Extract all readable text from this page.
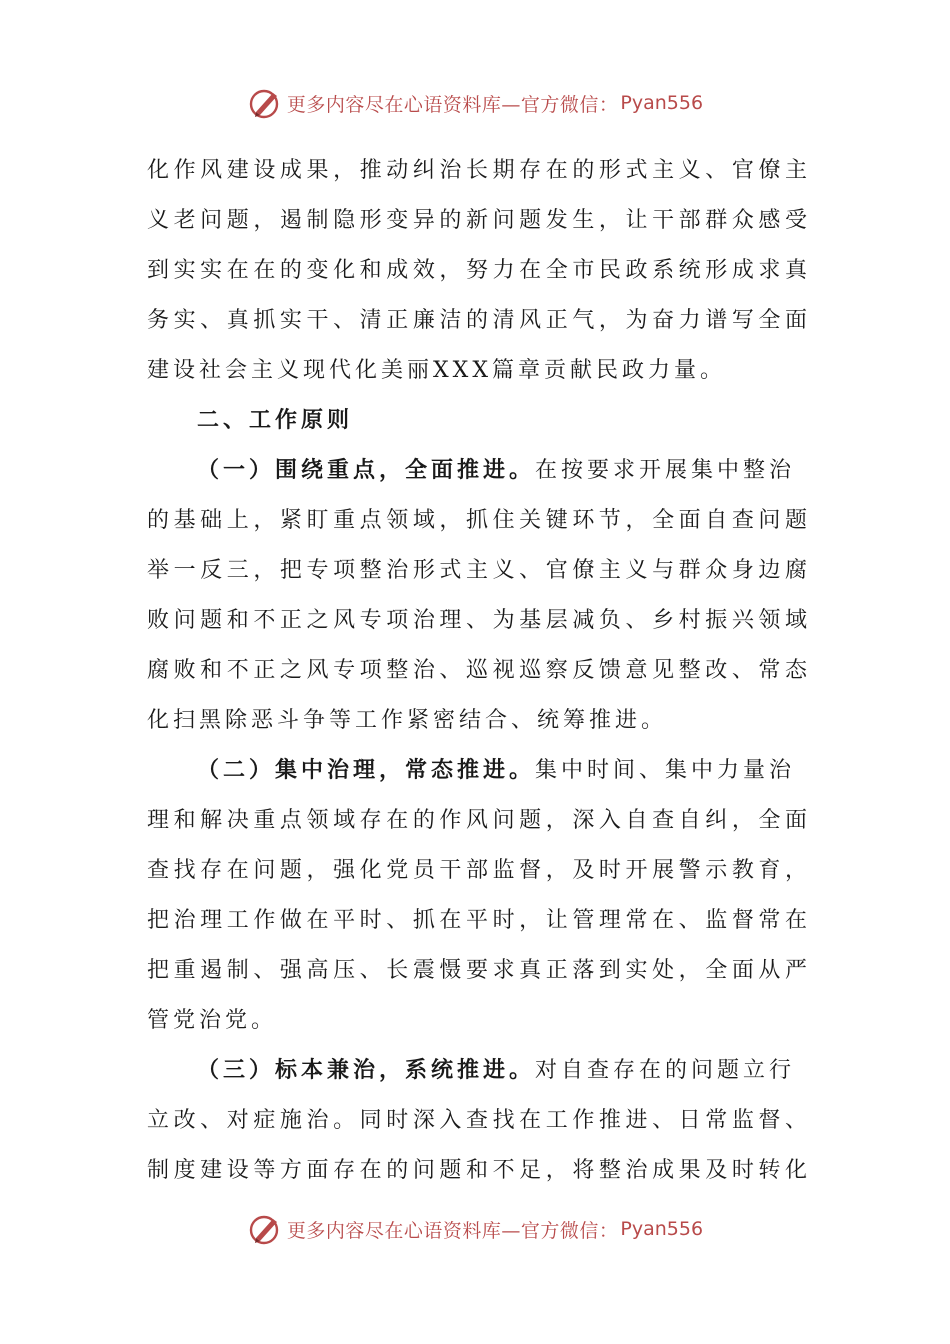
更多内容尽在心语资料库—官方微信： Pyan556
化作风建设成果，推动纠治长期存在的形式主义、官僚主
义老问题，遏制隐形变异的新问题发生，让干部群众感受
到实实在在的变化和成效，努力在全市民政系统形成求真
务实、真抓实干、清正廉洁的清风正气，为奋力谱写全面
建设社会主义现代化美丽XXX篇章贡献民政力量。
二、工作原则
（一）围绕重点，全面推进。在按要求开展集中整治
的基础上，紧盯重点领域，抓住关键环节，全面自查问题
举一反三，把专项整治形式主义、官僚主义与群众身边腐
败问题和不正之风专项治理、为基层减负、乡村振兴领域
腐败和不正之风专项整治、巡视巡察反馈意见整改、常态
化扫黑除恶斗争等工作紧密结合、统筹推进。
（二）集中治理，常态推进。集中时间、集中力量治
理和解决重点领域存在的作风问题，深入自查自纠，全面
查找存在问题，强化党员干部监督，及时开展警示教育，
把治理工作做在平时、抓在平时，让管理常在、监督常在
把重遏制、强高压、长震慑要求真正落到实处，全面从严
管党治党。
（三）标本兼治，系统推进。对自查存在的问题立行
立改、对症施治。同时深入查找在工作推进、日常监督、
制度建设等方面存在的问题和不足，将整治成果及时转化
更多内容尽在心语资料库—官方微信： Pyan556
